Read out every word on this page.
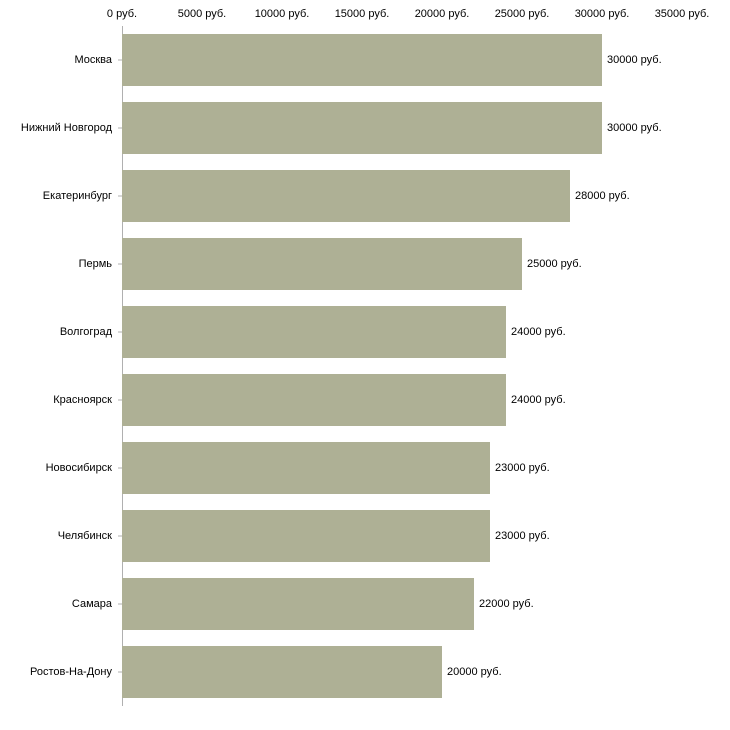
0 руб.	5000 руб.	10000 руб. 15000 руб. 20000 руб. 25000 руб. 30000 руб. 35000 руб.
Москва
Нижний Новгород
Екатеринбург
Пермь
Волгоград
Красноярск
Новосибирск
Челябинск
Самара
Ростов-На-Дону
30000 руб.
30000 руб.
28000 руб.
25000 руб.
24000 руб.
24000 руб.
23000 руб.
23000 руб.
22000 руб.
20000 руб.
